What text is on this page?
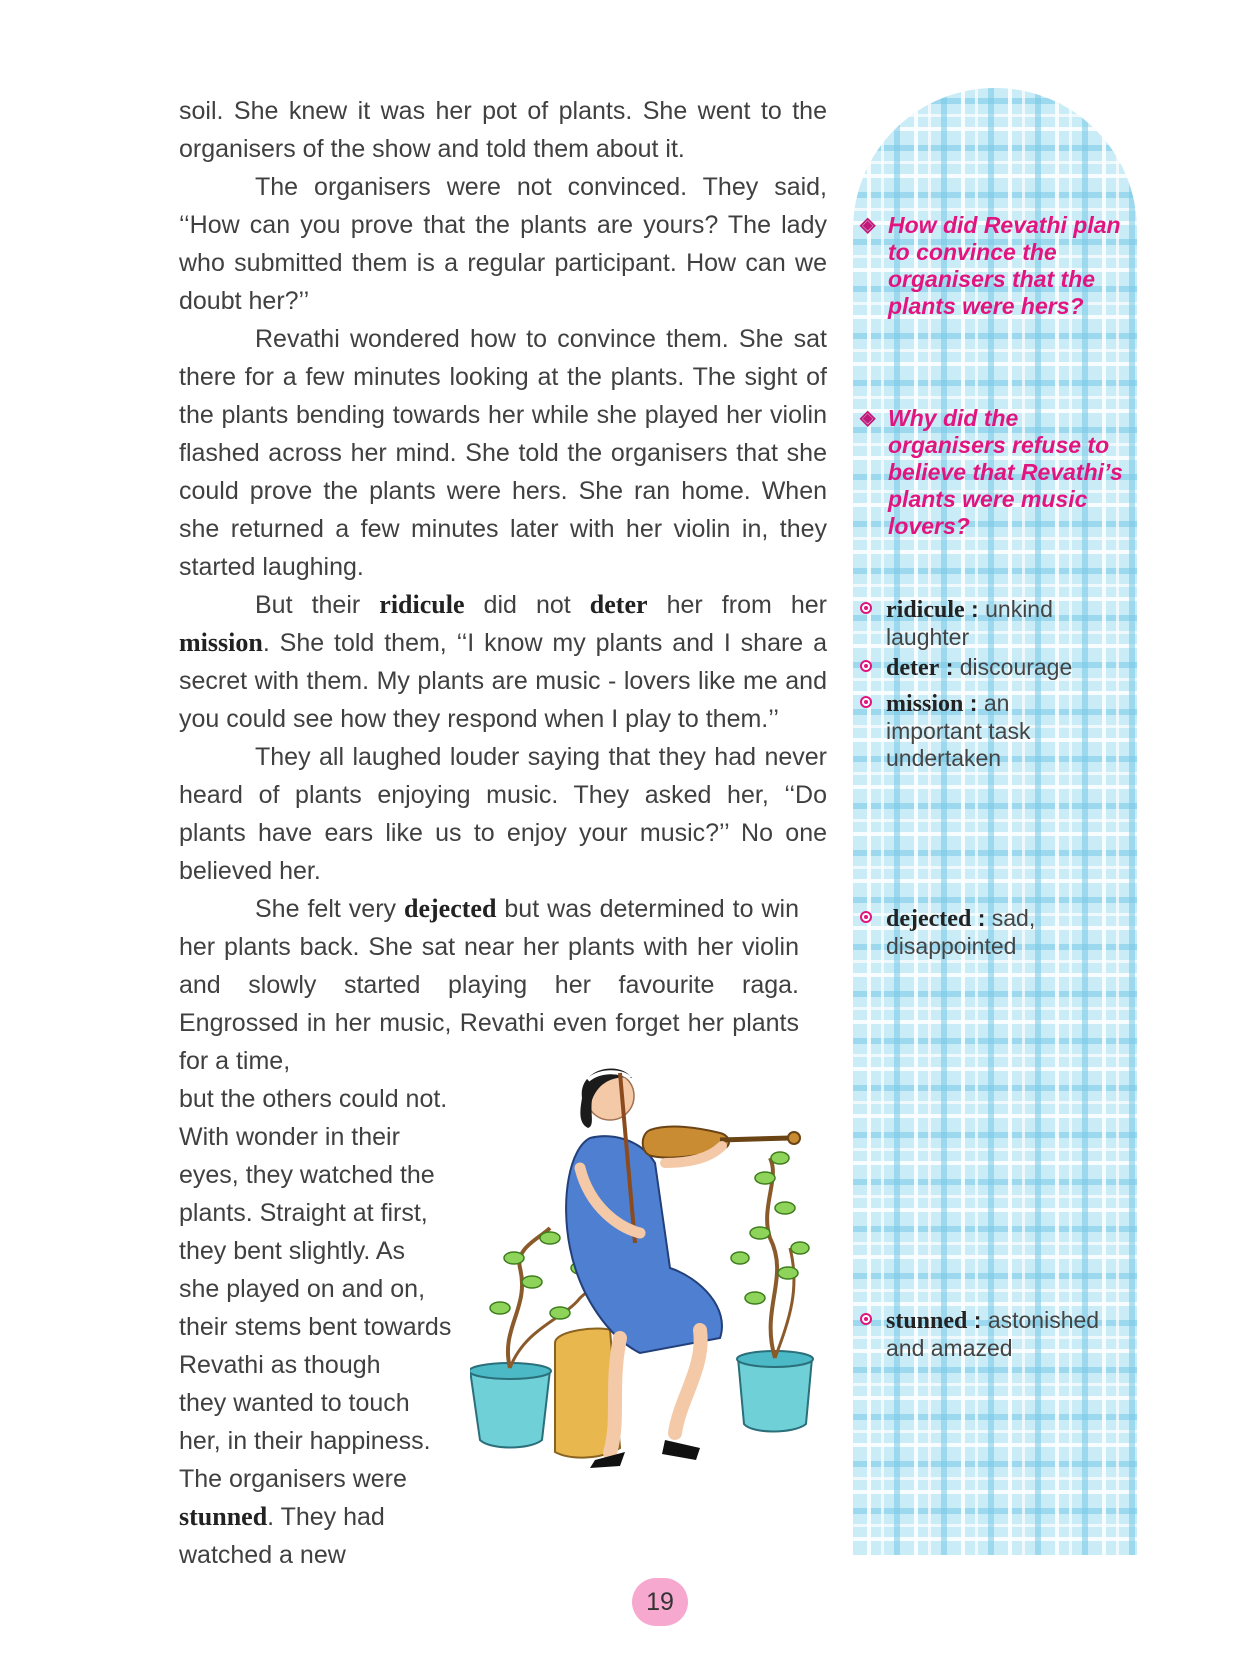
soil. She knew it was her pot of plants. She went to the organisers of the show and told them about it.

The organisers were not convinced. They said, ‘‘How can you prove that the plants are yours? The lady who submitted them is a regular participant. How can we doubt her?’’

Revathi wondered how to convince them. She sat there for a few minutes looking at the plants. The sight of the plants bending towards her while she played her violin flashed across her mind. She told the organisers that she could prove the plants were hers. She ran home. When she returned a few minutes later with her violin in, they started laughing.

But their ridicule did not deter her from her mission. She told them, ‘‘I know my plants and I share a secret with them. My plants are music - lovers like me and you could see how they respond when I play to them.’’

They all laughed louder saying that they had never heard of plants enjoying music. They asked her, ‘‘Do plants have ears like us to enjoy your music?’’ No one believed her.

She felt very dejected but was determined to win her plants back. She sat near her plants with her violin and slowly started playing her favourite raga. Engrossed in her music, Revathi even forget her plants for a time,

but the others could not.
With wonder in their
eyes, they watched the
plants. Straight at first,
they bent slightly. As
she played on and on,
their stems bent towards
Revathi as though
they wanted to touch
her, in their happiness.
The organisers were
stunned. They had
watched a new
◈ How did Revathi plan to convince the organisers that the plants were hers?
◈ Why did the organisers refuse to believe that Revathi’s plants were music lovers?
ridicule : unkind laughter
deter : discourage
mission : an important task undertaken
dejected : sad, disappointed
stunned : astonished and amazed
19
